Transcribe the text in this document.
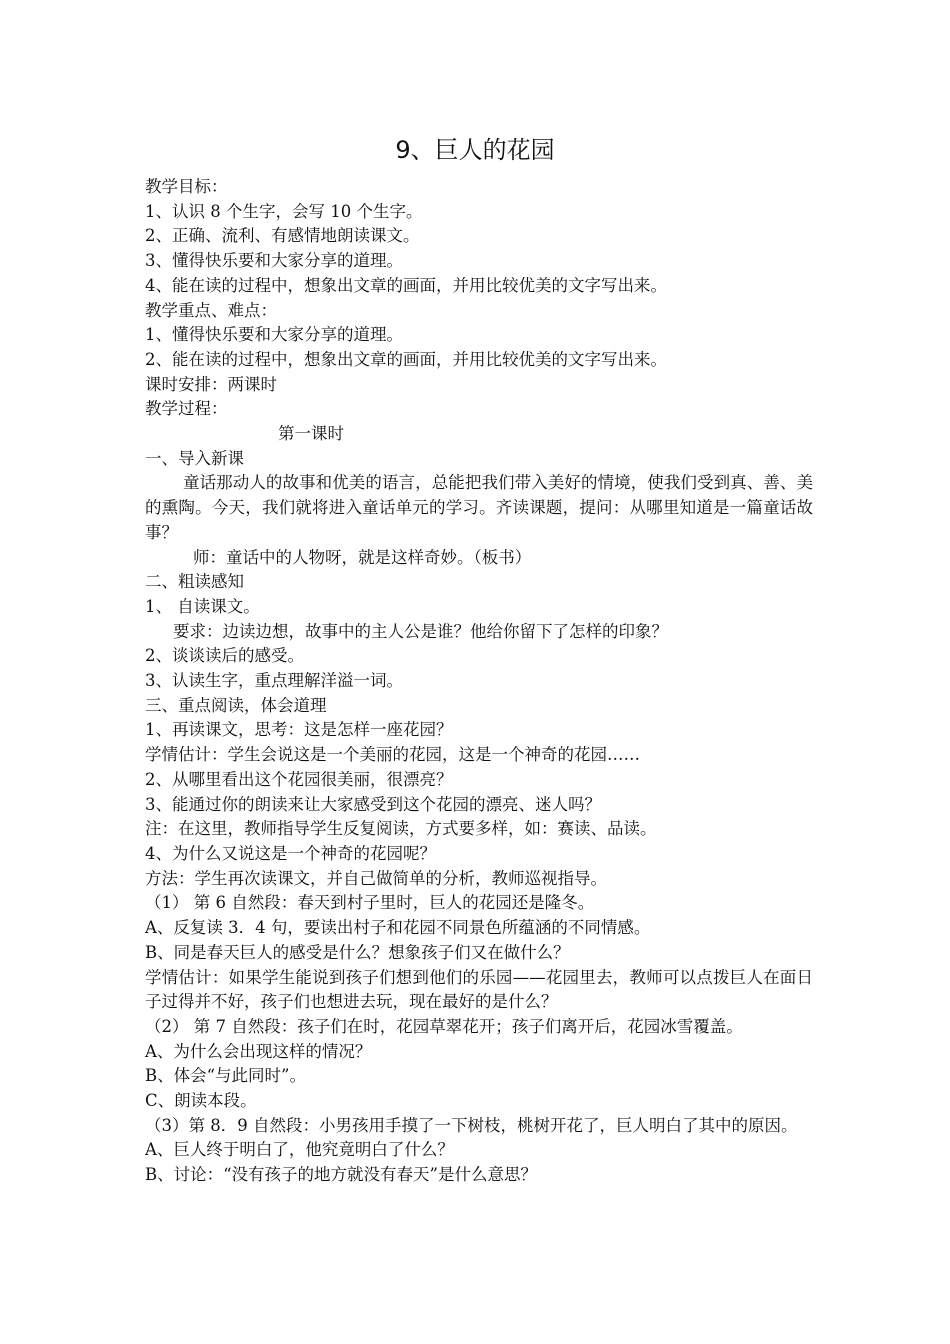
9、巨人的花园

教学目标：

1、认识 8 个生字，会写 10 个生字。

2、正确、流利、有感情地朗读课文。

3、懂得快乐要和大家分享的道理。

4、能在读的过程中，想象出文章的画面，并用比较优美的文字写出来。

教学重点、难点：

1、懂得快乐要和大家分享的道理。

2、能在读的过程中，想象出文章的画面，并用比较优美的文字写出来。

课时安排：两课时

教学过程：

第一课时

一、导入新课

童话那动人的故事和优美的语言，总能把我们带入美好的情境，使我们受到真、善、美的熏陶。今天，我们就将进入童话单元的学习。齐读课题，提问：从哪里知道是一篇童话故事？

师：童话中的人物呀，就是这样奇妙。（板书）

二、粗读感知

1、 自读课文。

要求：边读边想，故事中的主人公是谁？他给你留下了怎样的印象？

2、谈谈读后的感受。

3、认读生字，重点理解洋溢一词。

三、重点阅读，体会道理

1、再读课文，思考：这是怎样一座花园？

学情估计：学生会说这是一个美丽的花园，这是一个神奇的花园……

2、从哪里看出这个花园很美丽，很漂亮？

3、能通过你的朗读来让大家感受到这个花园的漂亮、迷人吗？

注：在这里，教师指导学生反复阅读，方式要多样，如：赛读、品读。

4、为什么又说这是一个神奇的花园呢？

方法：学生再次读课文，并自己做简单的分析，教师巡视指导。

（1） 第 6 自然段：春天到村子里时，巨人的花园还是隆冬。

A、反复读 3．4 句，要读出村子和花园不同景色所蕴涵的不同情感。

B、同是春天巨人的感受是什么？想象孩子们又在做什么？

学情估计：如果学生能说到孩子们想到他们的乐园——花园里去，教师可以点拨巨人在面日子过得并不好，孩子们也想进去玩，现在最好的是什么？

（2） 第 7 自然段：孩子们在时，花园草翠花开；孩子们离开后，花园冰雪覆盖。

A、为什么会出现这样的情况？

B、体会“与此同时”。

C、朗读本段。

（3）第 8．9 自然段：小男孩用手摸了一下树枝，桃树开花了，巨人明白了其中的原因。

A、巨人终于明白了，他究竟明白了什么？

B、讨论：“没有孩子的地方就没有春天”是什么意思？
